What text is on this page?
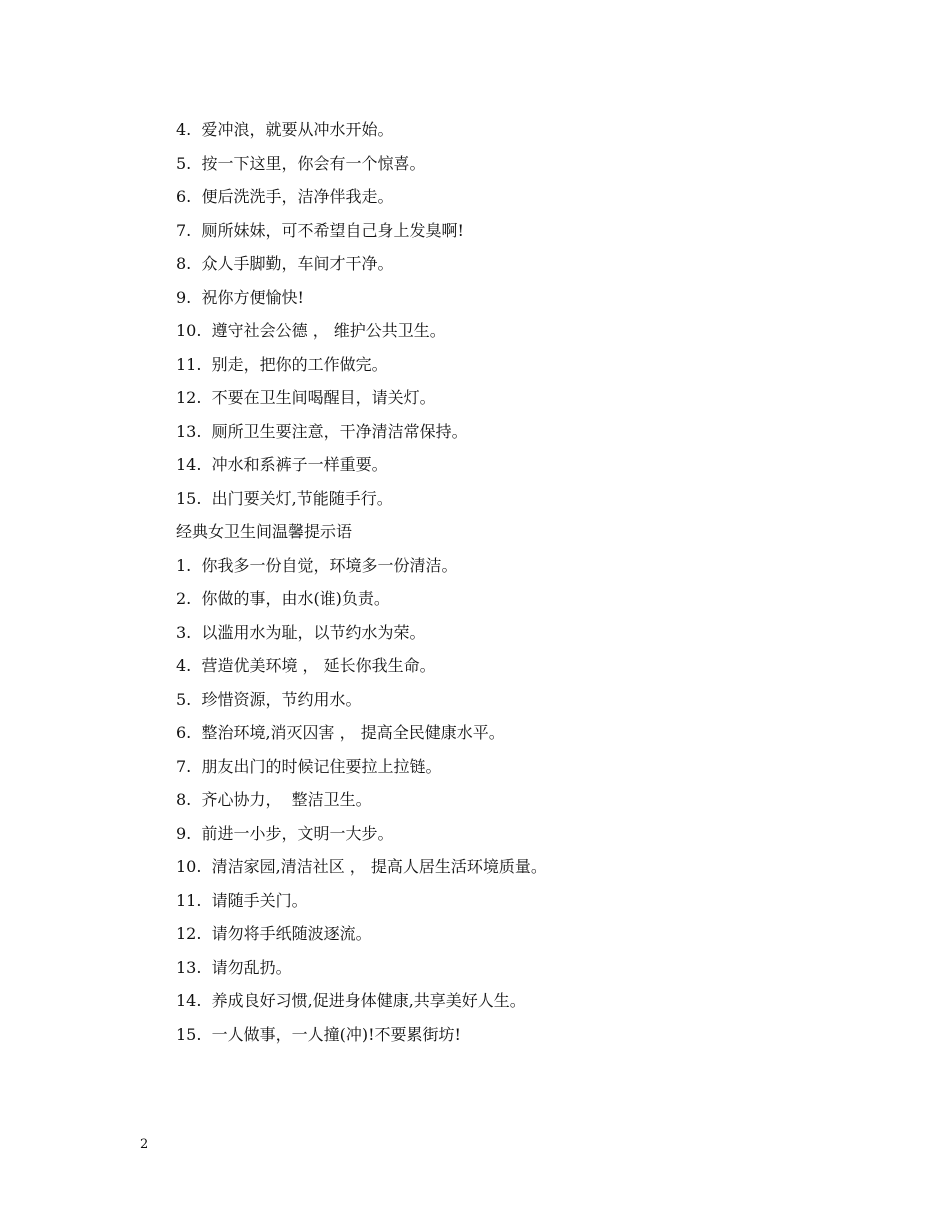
4.  爱冲浪，就要从冲水开始。
5.  按一下这里，你会有一个惊喜。
6.  便后洗洗手，洁净伴我走。
7.  厕所妹妹，可不希望自己身上发臭啊!
8.  众人手脚勤，车间才干净。
9.  祝你方便愉快!
10.  遵守社会公德 ， 维护公共卫生。
11.  别走，把你的工作做完。
12.  不要在卫生间喝醒目，请关灯。
13.  厕所卫生要注意，干净清洁常保持。
14.  冲水和系裤子一样重要。
15.  出门要关灯,节能随手行。
经典女卫生间温馨提示语
1.  你我多一份自觉，环境多一份清洁。
2.  你做的事，由水(谁)负责。
3.  以滥用水为耻，以节约水为荣。
4.  营造优美环境 ， 延长你我生命。
5.  珍惜资源，节约用水。
6.  整治环境,消灭囚害 ， 提高全民健康水平。
7.  朋友出门的时候记住要拉上拉链。
8.  齐心协力，  整洁卫生。
9.  前进一小步，文明一大步。
10.  清洁家园,清洁社区 ， 提高人居生活环境质量。
11.  请随手关门。
12.  请勿将手纸随波逐流。
13.  请勿乱扔。
14.  养成良好习惯,促进身体健康,共享美好人生。
15.  一人做事，一人撞(冲)!不要累街坊!
2
